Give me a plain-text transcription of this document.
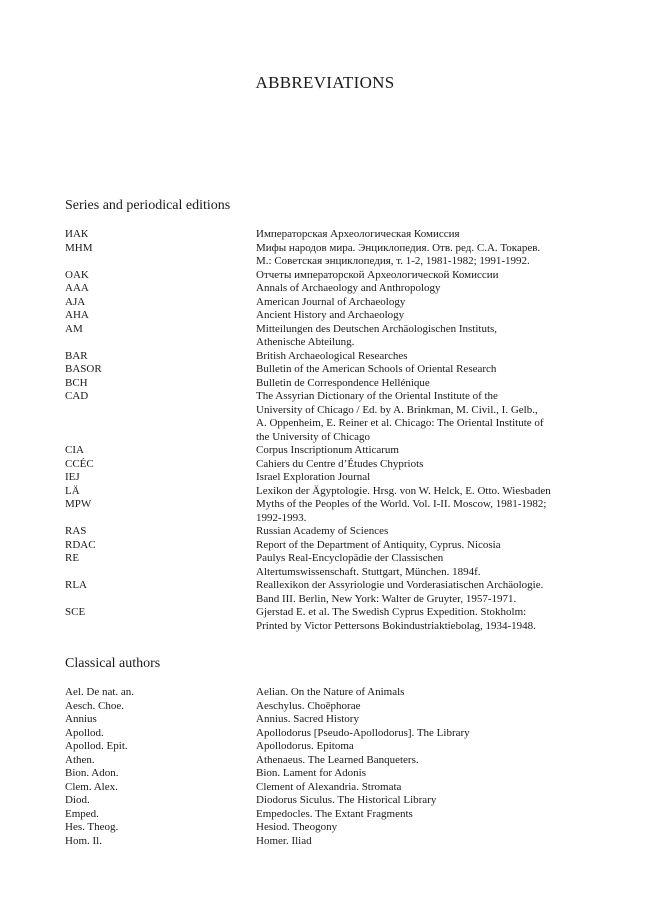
ABBREVIATIONS
Series and periodical editions
ИАК	Императорская Археологическая Комиссия
МНМ	Мифы народов мира. Энциклопедия. Отв. ред. С.А. Токарев.
М.: Советская энциклопедия, т. 1-2, 1981-1982; 1991-1992.
OAK	Отчеты императорской Археологической Комиссии
AAA	Annals of Archaeology and Anthropology
AJA	American Journal of Archaeology
AHA	Ancient History and Archaeology
AM	Mitteilungen des Deutschen Archäologischen Instituts,
Athenische Abteilung.
BAR	British Archaeological Researches
BASOR	Bulletin of the American Schools of Oriental Research
BCH	Bulletin de Correspondence Hellénique
CAD	The Assyrian Dictionary of the Oriental Institute of the
University of Chicago / Ed. by A. Brinkman, M. Civil., I. Gelb.,
A. Oppenheim, E. Reiner et al. Chicago: The Oriental Institute of
the University of Chicago
CIA	Corpus Inscriptionum Atticarum
CCÉC	Cahiers du Centre d’Études Chypriots
IEJ	Israel Exploration Journal
LÄ	Lexikon der Ägyptologie. Hrsg. von W. Helck, E. Otto. Wiesbaden
MPW	Myths of the Peoples of the World. Vol. I-II. Moscow, 1981-1982;
1992-1993.
RAS	Russian Academy of Sciences
RDAC	Report of the Department of Antiquity, Cyprus. Nicosia
RE	Paulys Real-Encyclopädie der Classischen
Altertumswissenschaft. Stuttgart, München. 1894f.
RLA	Reallexikon der Assyriologie und Vorderasiatischen Archäologie.
Band III. Berlin, New York: Walter de Gruyter, 1957-1971.
SCE	Gjerstad E. et al. The Swedish Cyprus Expedition. Stokholm:
Printed by Victor Pettersons Bokindustriaktiebolag, 1934-1948.
Classical authors
Ael. De nat. an.	Aelian. On the Nature of Animals
Aesch. Choe.	Aeschylus. Choēphorae
Annius	Annius. Sacred History
Apollod.	Apollodorus [Pseudo-Apollodorus]. The Library
Apollod. Epit.	Apollodorus. Epitoma
Athen.	Athenaeus. The Learned Banqueters.
Bion. Adon.	Bion. Lament for Adonis
Clem. Alex.	Clement of Alexandria. Stromata
Diod.	Diodorus Siculus. The Historical Library
Emped.	Empedocles. The Extant Fragments
Hes. Theog.	Hesiod. Theogony
Hom. Il.	Homer. Iliad
